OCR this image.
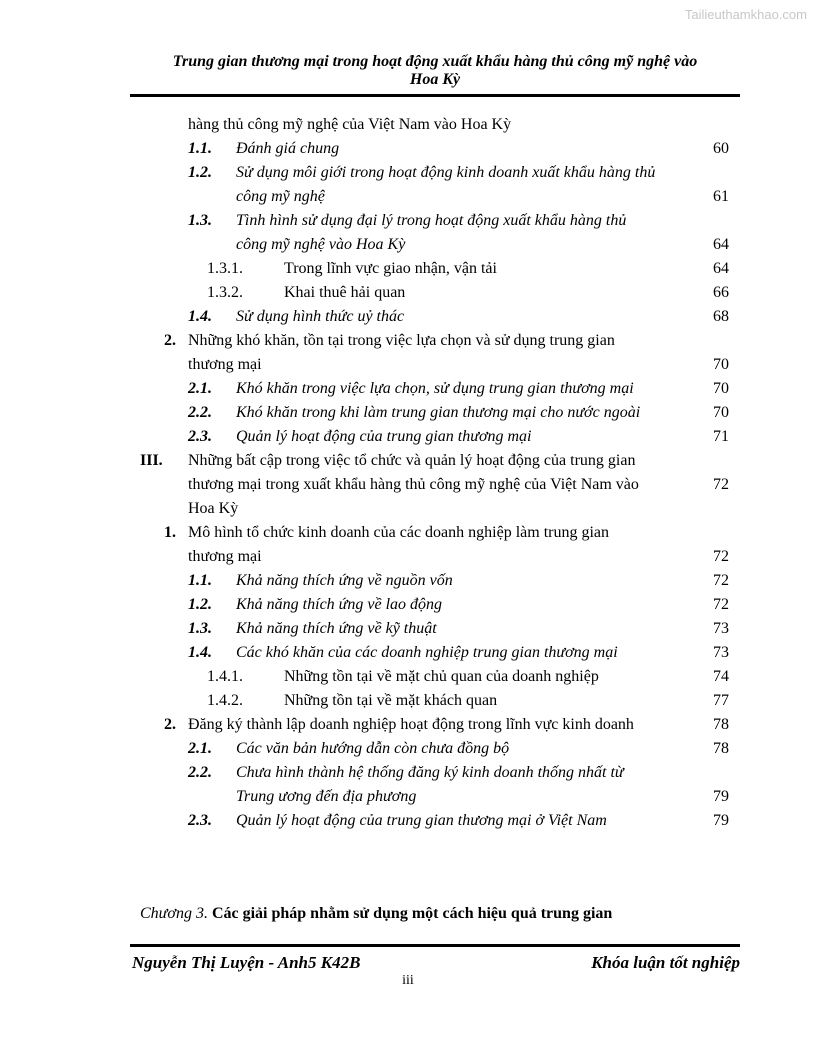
Tailieuthamkhao.com
Trung gian thương mại trong hoạt động xuất khẩu hàng thủ công mỹ nghệ vào
Hoa Kỳ
hàng thủ công mỹ nghệ của Việt Nam vào Hoa Kỳ
1.1. Đánh giá chung	60
1.2. Sử dụng môi giới trong hoạt động kinh doanh xuất khẩu hàng thủ
công mỹ nghệ	61
1.3. Tình hình sử dụng đại lý trong hoạt động xuất khẩu hàng thủ
công mỹ nghệ vào Hoa Kỳ	64
1.3.1.	Trong lĩnh vực giao nhận, vận tải	64
1.3.2.	Khai thuê hải quan	66
1.4. Sử dụng hình thức uỷ thác	68
2. Những khó khăn, tồn tại trong việc lựa chọn và sử dụng trung gian
thương mại	70
2.1. Khó khăn trong việc lựa chọn, sử dụng trung gian thương mại	70
2.2. Khó khăn trong khi làm trung gian thương mại cho nước ngoài	70
2.3. Quản lý hoạt động của trung gian thương mại	71
III. Những bất cập trong việc tổ chức và quản lý hoạt động của trung gian
thương mại trong xuất khẩu hàng thủ công mỹ nghệ của Việt Nam vào	72
Hoa Kỳ
1. Mô hình tổ chức kinh doanh của các doanh nghiệp làm trung gian
thương mại	72
1.1. Khả năng thích ứng về nguồn vốn	72
1.2. Khả năng thích ứng về lao động	72
1.3. Khả năng thích ứng về kỹ thuật	73
1.4. Các khó khăn của các doanh nghiệp trung gian thương mại	73
1.4.1.	Những tồn tại về mặt chủ quan của doanh nghiệp	74
1.4.2.	Những tồn tại về mặt khách quan	77
2. Đăng ký thành lập doanh nghiệp hoạt động trong lĩnh vực kinh doanh	78
2.1. Các văn bản hướng dẫn còn chưa đồng bộ	78
2.2. Chưa hình thành hệ thống đăng ký kinh doanh thống nhất từ
Trung ương đến địa phương	79
2.3. Quản lý hoạt động của trung gian thương mại ở Việt Nam	79
Chương 3. Các giải pháp nhằm sử dụng một cách hiệu quả trung gian
Nguyễn Thị Luyện - Anh5 K42B	Khóa luận tốt nghiệp
iii
